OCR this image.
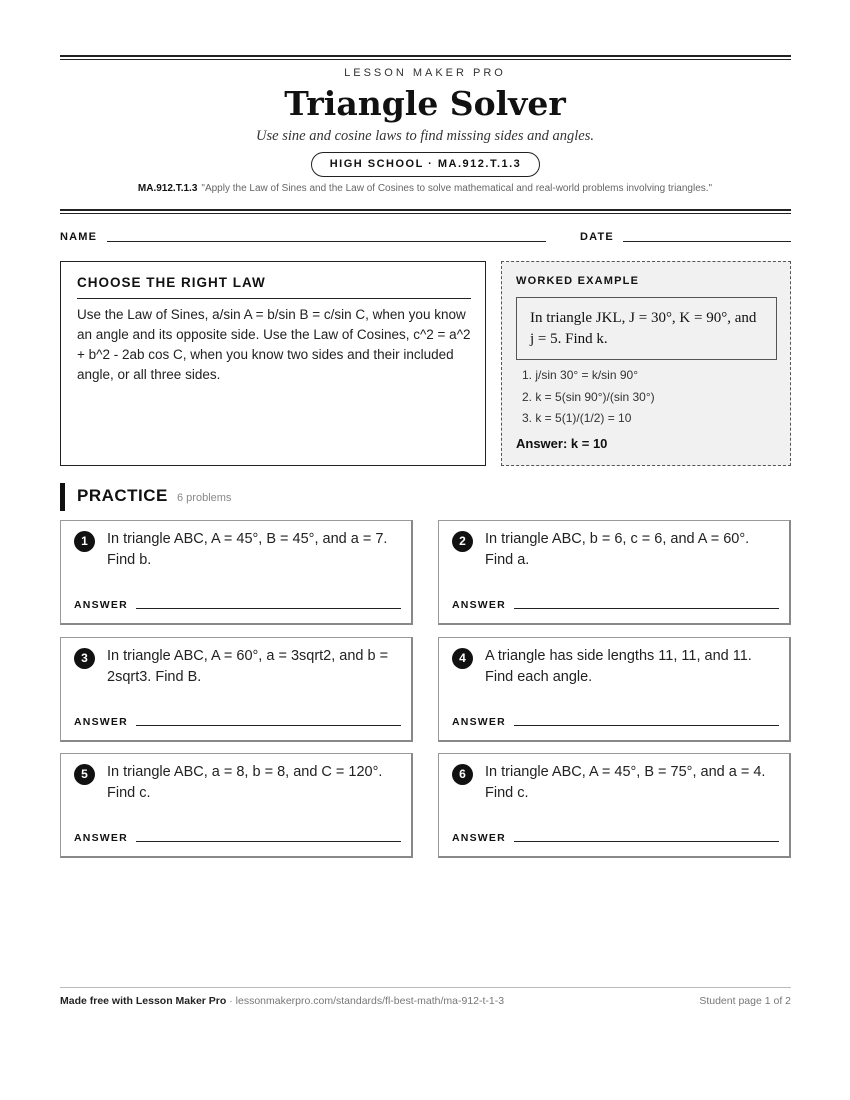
LESSON MAKER PRO
Triangle Solver
Use sine and cosine laws to find missing sides and angles.
HIGH SCHOOL · MA.912.T.1.3
MA.912.T.1.3 "Apply the Law of Sines and the Law of Cosines to solve mathematical and real-world problems involving triangles."
NAME	DATE
CHOOSE THE RIGHT LAW
Use the Law of Sines, a/sin A = b/sin B = c/sin C, when you know an angle and its opposite side. Use the Law of Cosines, c^2 = a^2 + b^2 - 2ab cos C, when you know two sides and their included angle, or all three sides.
WORKED EXAMPLE
In triangle JKL, J = 30°, K = 90°, and j = 5. Find k.
1. j/sin 30° = k/sin 90°
2. k = 5(sin 90°)/(sin 30°)
3. k = 5(1)/(1/2) = 10
Answer: k = 10
PRACTICE 6 problems
1	In triangle ABC, A = 45°, B = 45°, and a = 7. Find b.
ANSWER
2	In triangle ABC, b = 6, c = 6, and A = 60°. Find a.
ANSWER
3	In triangle ABC, A = 60°, a = 3sqrt2, and b = 2sqrt3. Find B.
ANSWER
4	A triangle has side lengths 11, 11, and 11. Find each angle.
ANSWER
5	In triangle ABC, a = 8, b = 8, and C = 120°. Find c.
ANSWER
6	In triangle ABC, A = 45°, B = 75°, and a = 4. Find c.
ANSWER
Made free with Lesson Maker Pro · lessonmakerpro.com/standards/fl-best-math/ma-912-t-1-3	Student page 1 of 2
